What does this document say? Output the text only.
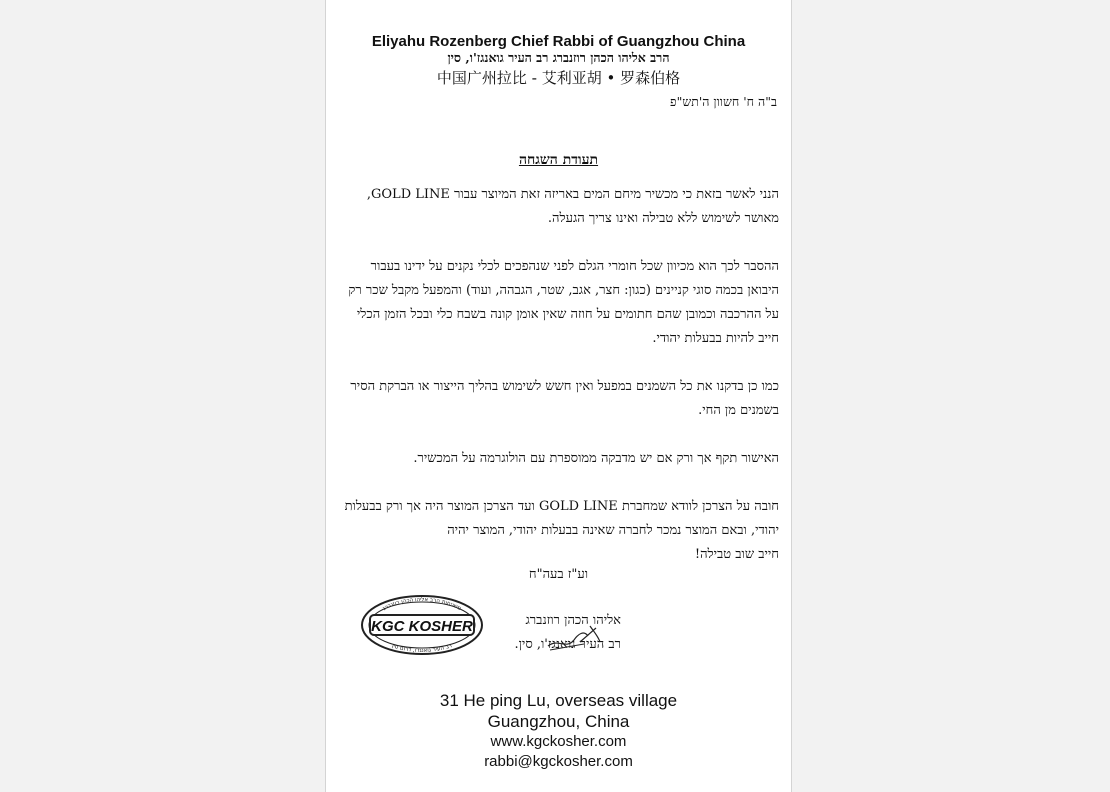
Eliyahu Rozenberg Chief Rabbi of Guangzhou China
הרב אליהו הכהן רוזנברג רב העיר גואנגז'ו, סין
中国广州拉比 - 艾利亚胡 • 罗森伯格
ב"ה ח' חשוון ה'תש"פ
תעודת השגחה

הנני לאשר בזאת כי מכשיר מיחם המים באריזה זאת המיוצר עבור GOLD LINE, מאושר לשימוש ללא טבילה ואינו צריך הגעלה.

ההסבר לכך הוא מכיוון שכל חומרי הגלם לפני שנהפכים לכלי נקנים על ידינו בעבור היבואן בכמה סוגי קניינים (כגון: חצר, אגב, שטר, הגבהה, ועוד) והמפעל מקבל שכר רק על ההרכבה וכמובן שהם חתומים על חוזה שאין אומן קונה בשבח כלי ובכל הזמן הכלי חייב להיות בבעלות יהודי.

כמו כן בדקנו את כל השמנים במפעל ואין חשש לשימוש בהליך הייצור או הברקת הסיר בשמנים מן החי.

האישור תקף אך ורק אם יש מדבקה ממוספרת עם הולוגרמה על המכשיר.

חובה על הצרכן לוודא שמחברת GOLD LINE ועד הצרכן המוצר היה אך ורק בבעלות יהודי, ובאם המוצר נמכר לחברה שאינה בבעלות יהודי, המוצר יהיה

חייב שוב טבילה!

וע"ז בעה"ח
KGC KOSHER
משגיחות הרב אליהו הכהן רוזנברג
רב העיר גואנגז'ו, דרום סין
אליהו הכהן רוזנברג
רב העיר גואנגז'ו, סין.
31 He ping Lu, overseas village
Guangzhou, China
www.kgckosher.com
rabbi@kgckosher.com
